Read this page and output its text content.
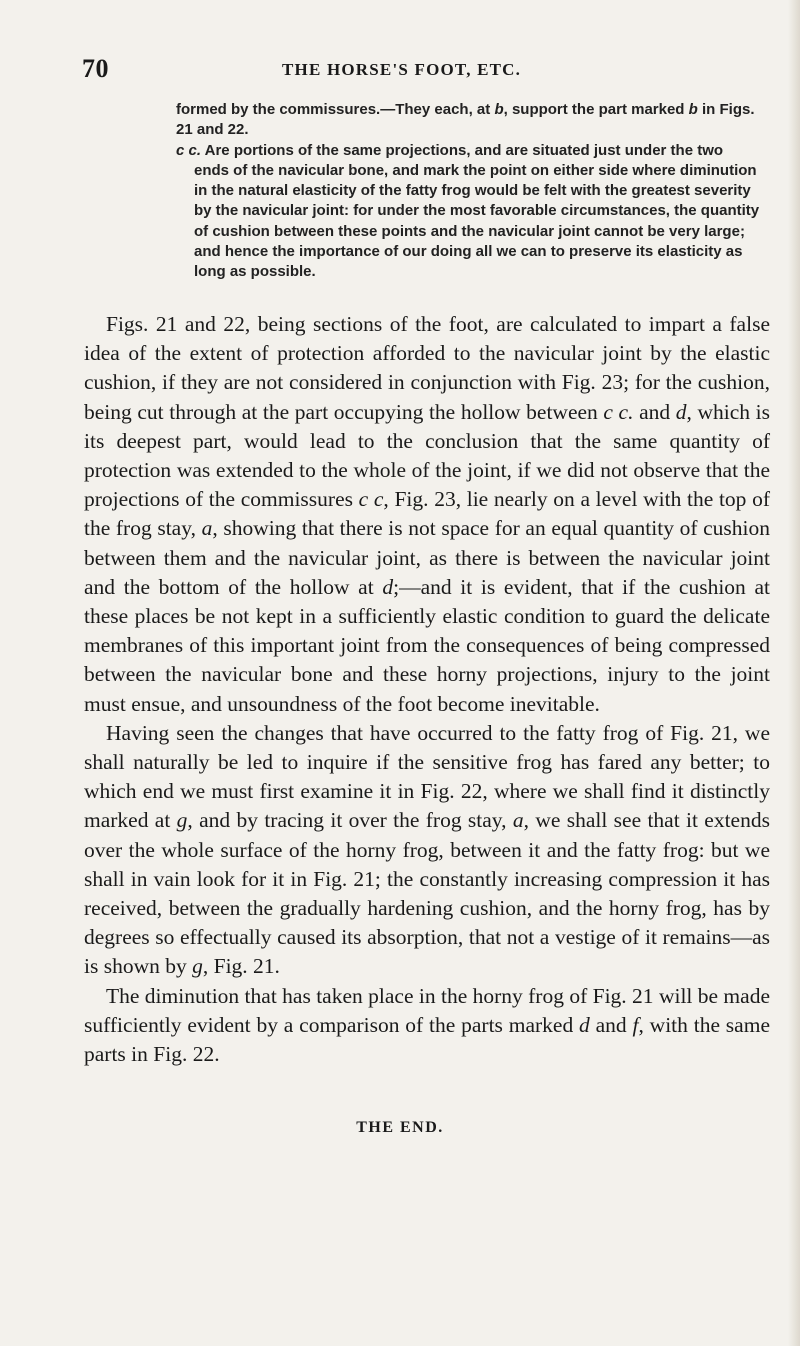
70	THE HORSE'S FOOT, ETC.

formed by the commissures.—They each, at b, support the part marked b in Figs. 21 and 22.

c c. Are portions of the same projections, and are situated just under the two ends of the navicular bone, and mark the point on either side where diminution in the natural elasticity of the fatty frog would be felt with the greatest severity by the navicular joint: for under the most favorable circumstances, the quantity of cushion between these points and the navicular joint cannot be very large; and hence the importance of our doing all we can to preserve its elasticity as long as possible.

Figs. 21 and 22, being sections of the foot, are calculated to impart a false idea of the extent of protection afforded to the navicular joint by the elastic cushion, if they are not considered in conjunction with Fig. 23; for the cushion, being cut through at the part occupying the hollow between c c. and d, which is its deepest part, would lead to the conclusion that the same quantity of protection was extended to the whole of the joint, if we did not observe that the projections of the commissures c c, Fig. 23, lie nearly on a level with the top of the frog stay, a, showing that there is not space for an equal quantity of cushion between them and the navicular joint, as there is between the navicular joint and the bottom of the hollow at d;—and it is evident, that if the cushion at these places be not kept in a sufficiently elastic condition to guard the delicate membranes of this important joint from the consequences of being compressed between the navicular bone and these horny projections, injury to the joint must ensue, and unsoundness of the foot become inevitable.

Having seen the changes that have occurred to the fatty frog of Fig. 21, we shall naturally be led to inquire if the sensitive frog has fared any better; to which end we must first examine it in Fig. 22, where we shall find it distinctly marked at g, and by tracing it over the frog stay, a, we shall see that it extends over the whole surface of the horny frog, between it and the fatty frog: but we shall in vain look for it in Fig. 21; the constantly increasing compression it has received, between the gradually hardening cushion, and the horny frog, has by degrees so effectually caused its absorption, that not a vestige of it remains—as is shown by g, Fig. 21.

The diminution that has taken place in the horny frog of Fig. 21 will be made sufficiently evident by a comparison of the parts marked d and f, with the same parts in Fig. 22.

THE END.
